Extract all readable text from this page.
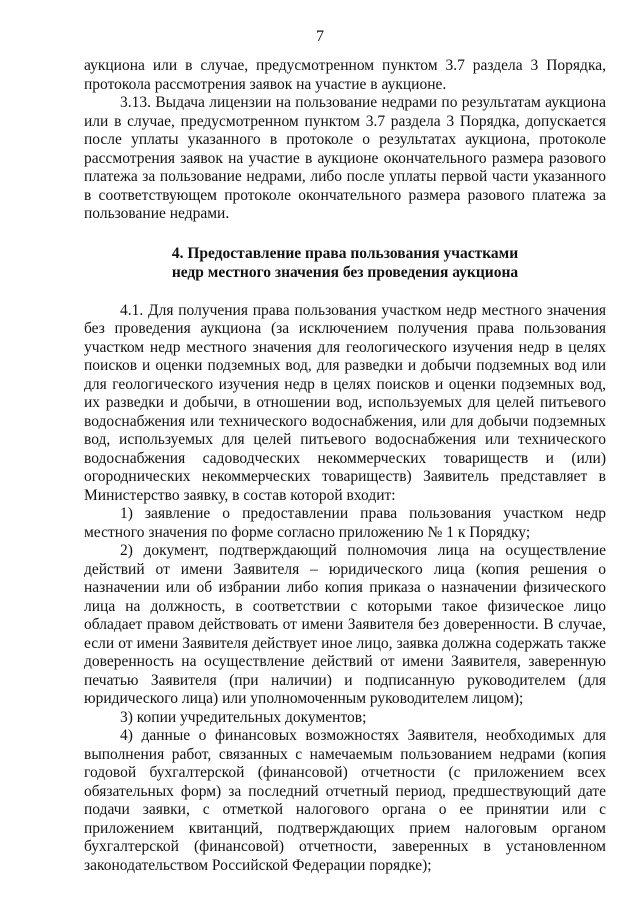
7

аукциона или в случае, предусмотренном пунктом 3.7 раздела 3 Порядка, протокола рассмотрения заявок на участие в аукционе.

3.13. Выдача лицензии на пользование недрами по результатам аукциона или в случае, предусмотренном пунктом 3.7 раздела 3 Порядка, допускается после уплаты указанного в протоколе о результатах аукциона, протоколе рассмотрения заявок на участие в аукционе окончательного размера разового платежа за пользование недрами, либо после уплаты первой части указанного в соответствующем протоколе окончательного размера разового платежа за пользование недрами.

4. Предоставление права пользования участками
недр местного значения без проведения аукциона

4.1. Для получения права пользования участком недр местного значения без проведения аукциона (за исключением получения права пользования участком недр местного значения для геологического изучения недр в целях поисков и оценки подземных вод, для разведки и добычи подземных вод или для геологического изучения недр в целях поисков и оценки подземных вод, их разведки и добычи, в отношении вод, используемых для целей питьевого водоснабжения или технического водоснабжения, или для добычи подземных вод, используемых для целей питьевого водоснабжения или технического водоснабжения садоводческих некоммерческих товариществ и (или) огороднических некоммерческих товариществ) Заявитель представляет в Министерство заявку, в состав которой входит:

1) заявление о предоставлении права пользования участком недр местного значения по форме согласно приложению № 1 к Порядку;

2) документ, подтверждающий полномочия лица на осуществление действий от имени Заявителя – юридического лица (копия решения о назначении или об избрании либо копия приказа о назначении физического лица на должность, в соответствии с которыми такое физическое лицо обладает правом действовать от имени Заявителя без доверенности. В случае, если от имени Заявителя действует иное лицо, заявка должна содержать также доверенность на осуществление действий от имени Заявителя, заверенную печатью Заявителя (при наличии) и подписанную руководителем (для юридического лица) или уполномоченным руководителем лицом);

3) копии учредительных документов;

4) данные о финансовых возможностях Заявителя, необходимых для выполнения работ, связанных с намечаемым пользованием недрами (копия годовой бухгалтерской (финансовой) отчетности (с приложением всех обязательных форм) за последний отчетный период, предшествующий дате подачи заявки, с отметкой налогового органа о ее принятии или с приложением квитанций, подтверждающих прием налоговым органом бухгалтерской (финансовой) отчетности, заверенных в установленном законодательством Российской Федерации порядке);
